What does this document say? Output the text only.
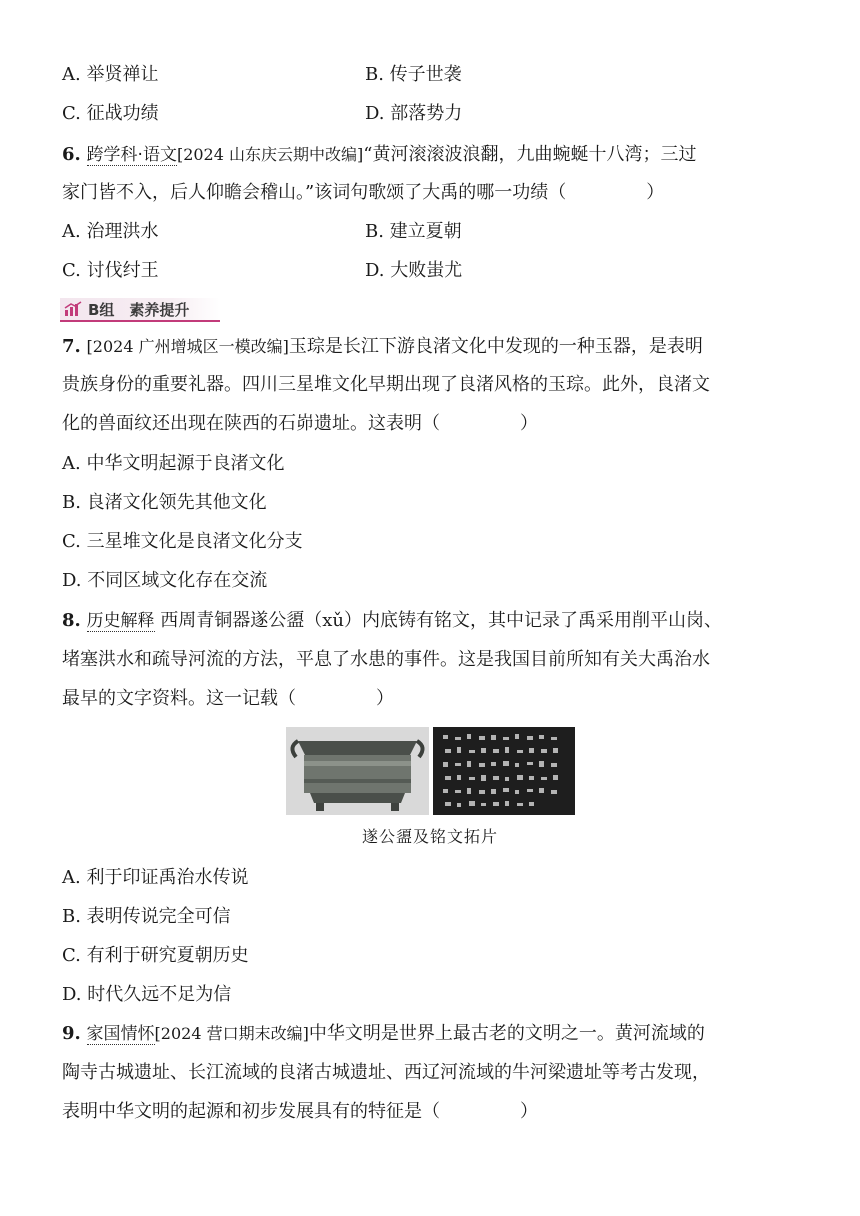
A. 举贤禅让	B. 传子世袭
C. 征战功绩	D. 部落势力
6. 跨学科·语文[2024 山东庆云期中改编]“黄河滚滚波浪翻，九曲蜿蜒十八湾；三过
家门皆不入，后人仰瞻会稽山。”该词句歌颂了大禹的哪一功绩（	）
A. 治理洪水	B. 建立夏朝
C. 讨伐纣王	D. 大败蚩尤
B组　素养提升
7. [2024 广州增城区一模改编]玉琮是长江下游良渚文化中发现的一种玉器，是表明
贵族身份的重要礼器。四川三星堆文化早期出现了良渚风格的玉琮。此外，良渚文
化的兽面纹还出现在陕西的石峁遗址。这表明（	）
A. 中华文明起源于良渚文化
B. 良渚文化领先其他文化
C. 三星堆文化是良渚文化分支
D. 不同区域文化存在交流
8. 历史解释 西周青铜器遂公盨（xǔ）内底铸有铭文，其中记录了禹采用削平山岗、
堵塞洪水和疏导河流的方法，平息了水患的事件。这是我国目前所知有关大禹治水
最早的文字资料。这一记载（	）
遂公盨及铭文拓片
A. 利于印证禹治水传说
B. 表明传说完全可信
C. 有利于研究夏朝历史
D. 时代久远不足为信
9. 家国情怀[2024 营口期末改编]中华文明是世界上最古老的文明之一。黄河流域的
陶寺古城遗址、长江流域的良渚古城遗址、西辽河流域的牛河梁遗址等考古发现，
表明中华文明的起源和初步发展具有的特征是（	）
